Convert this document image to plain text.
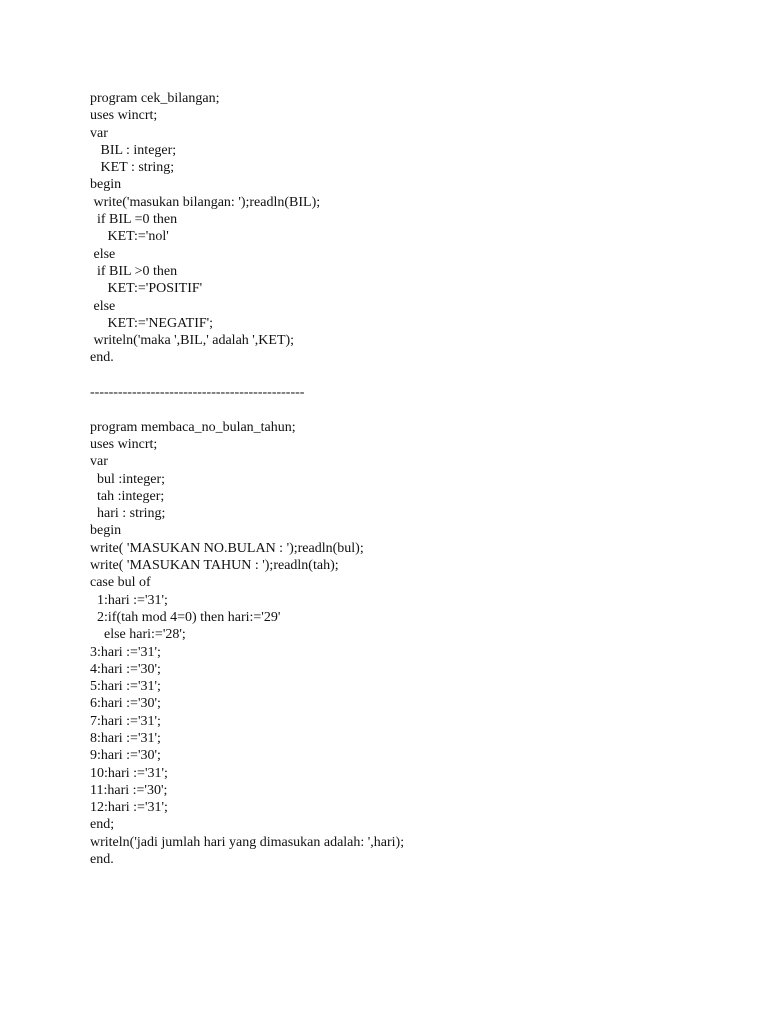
program cek_bilangan;
uses wincrt;
var
BIL : integer;
KET : string;
begin
write('masukan bilangan: ');readln(BIL);
if BIL =0 then
KET:='nol'
else
if BIL >0 then
KET:='POSITIF'
else
KET:='NEGATIF';
writeln('maka ',BIL,' adalah ',KET);
end.
----------------------------------------------
program membaca_no_bulan_tahun;
uses wincrt;
var
bul :integer;
tah :integer;
hari : string;
begin
write( 'MASUKAN NO.BULAN : ');readln(bul);
write( 'MASUKAN TAHUN : ');readln(tah);
case bul of
1:hari :='31';
2:if(tah mod 4=0) then hari:='29'
else hari:='28';
3:hari :='31';
4:hari :='30';
5:hari :='31';
6:hari :='30';
7:hari :='31';
8:hari :='31';
9:hari :='30';
10:hari :='31';
11:hari :='30';
12:hari :='31';
end;
writeln('jadi jumlah hari yang dimasukan adalah: ',hari);
end.
